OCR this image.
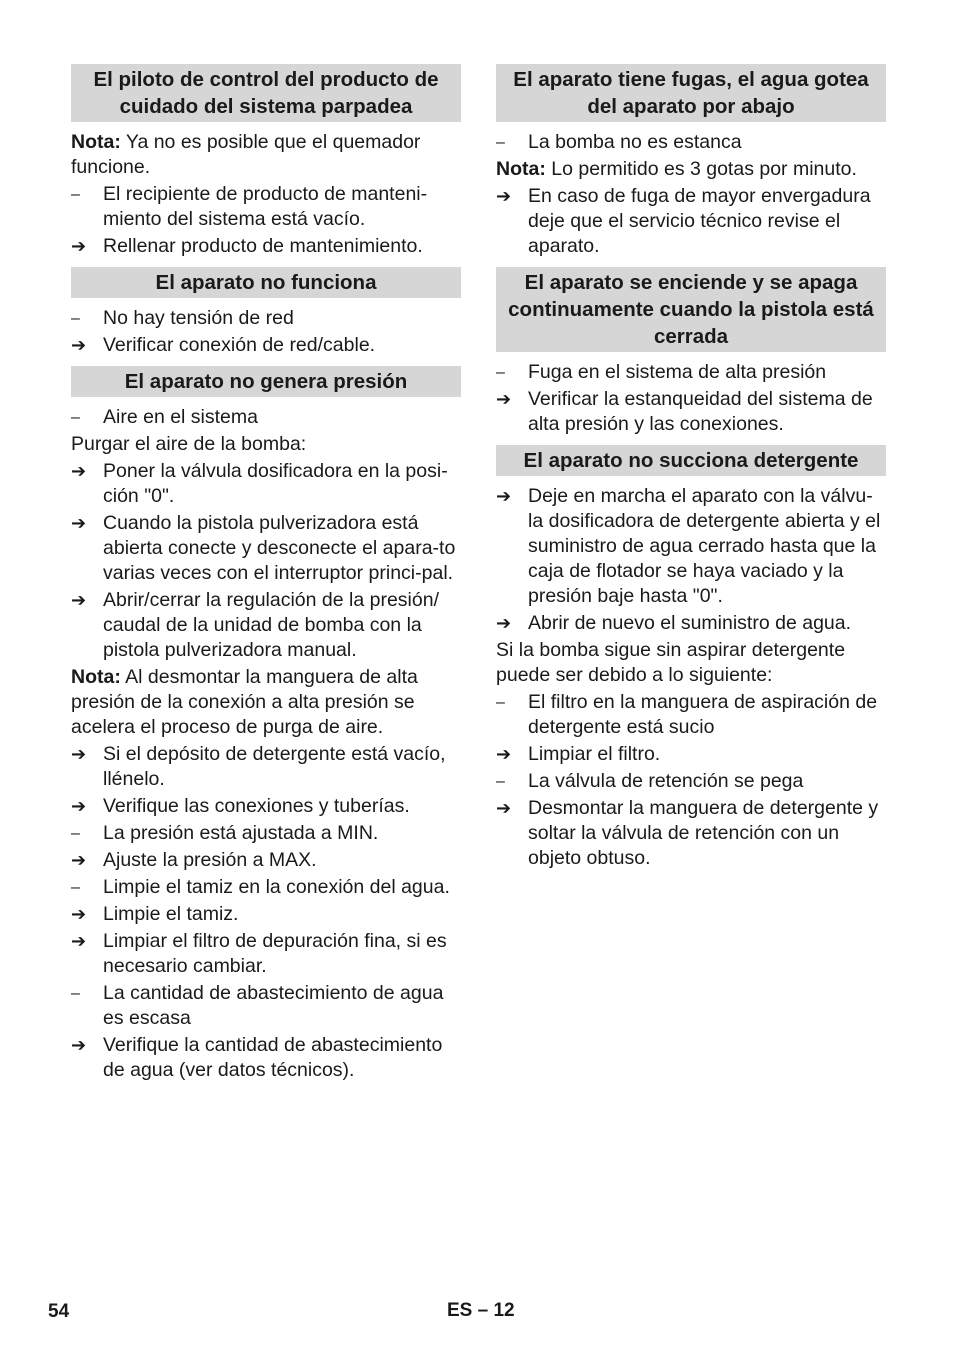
El piloto de control del producto de cuidado del sistema parpadea
Nota: Ya no es posible que el quemador funcione.
–	El recipiente de producto de manteni-miento del sistema está vacío.
➔ Rellenar producto de mantenimiento.
El aparato no funciona
–	No hay tensión de red
➔ Verificar conexión de red/cable.
El aparato no genera presión
–	Aire en el sistema
Purgar el aire de la bomba:
➔ Poner la válvula dosificadora en la posi-ción "0".
➔ Cuando la pistola pulverizadora está abierta conecte y desconecte el apara-to varias veces con el interruptor princi-pal.
➔ Abrir/cerrar la regulación de la presión/ caudal de la unidad de bomba con la pistola pulverizadora manual.
Nota: Al desmontar la manguera de alta presión de la conexión a alta presión se acelera el proceso de purga de aire.
➔ Si el depósito de detergente está vacío, llénelo.
➔ Verifique las conexiones y tuberías.
–	La presión está ajustada a MIN.
➔ Ajuste la presión a MAX.
–	Limpie el tamiz en la conexión del agua.
➔ Limpie el tamiz.
➔ Limpiar el filtro de depuración fina, si es necesario cambiar.
–	La cantidad de abastecimiento de agua es escasa
➔ Verifique la cantidad de abastecimiento de agua (ver datos técnicos).
El aparato tiene fugas, el agua gotea del aparato por abajo
–	La bomba no es estanca
Nota: Lo permitido es 3 gotas por minuto.
➔ En caso de fuga de mayor envergadura deje que el servicio técnico revise el aparato.
El aparato se enciende y se apaga continuamente cuando la pistola está cerrada
–	Fuga en el sistema de alta presión
➔ Verificar la estanqueidad del sistema de alta presión y las conexiones.
El aparato no succiona detergente
➔ Deje en marcha el aparato con la válvu-la dosificadora de detergente abierta y el suministro de agua cerrado hasta que la caja de flotador se haya vaciado y la presión baje hasta "0".
➔ Abrir de nuevo el suministro de agua.
Si la bomba sigue sin aspirar detergente puede ser debido a lo siguiente:
–	El filtro en la manguera de aspiración de detergente está sucio
➔ Limpiar el filtro.
–	La válvula de retención se pega
➔ Desmontar la manguera de detergente y soltar la válvula de retención con un objeto obtuso.
54	ES – 12
